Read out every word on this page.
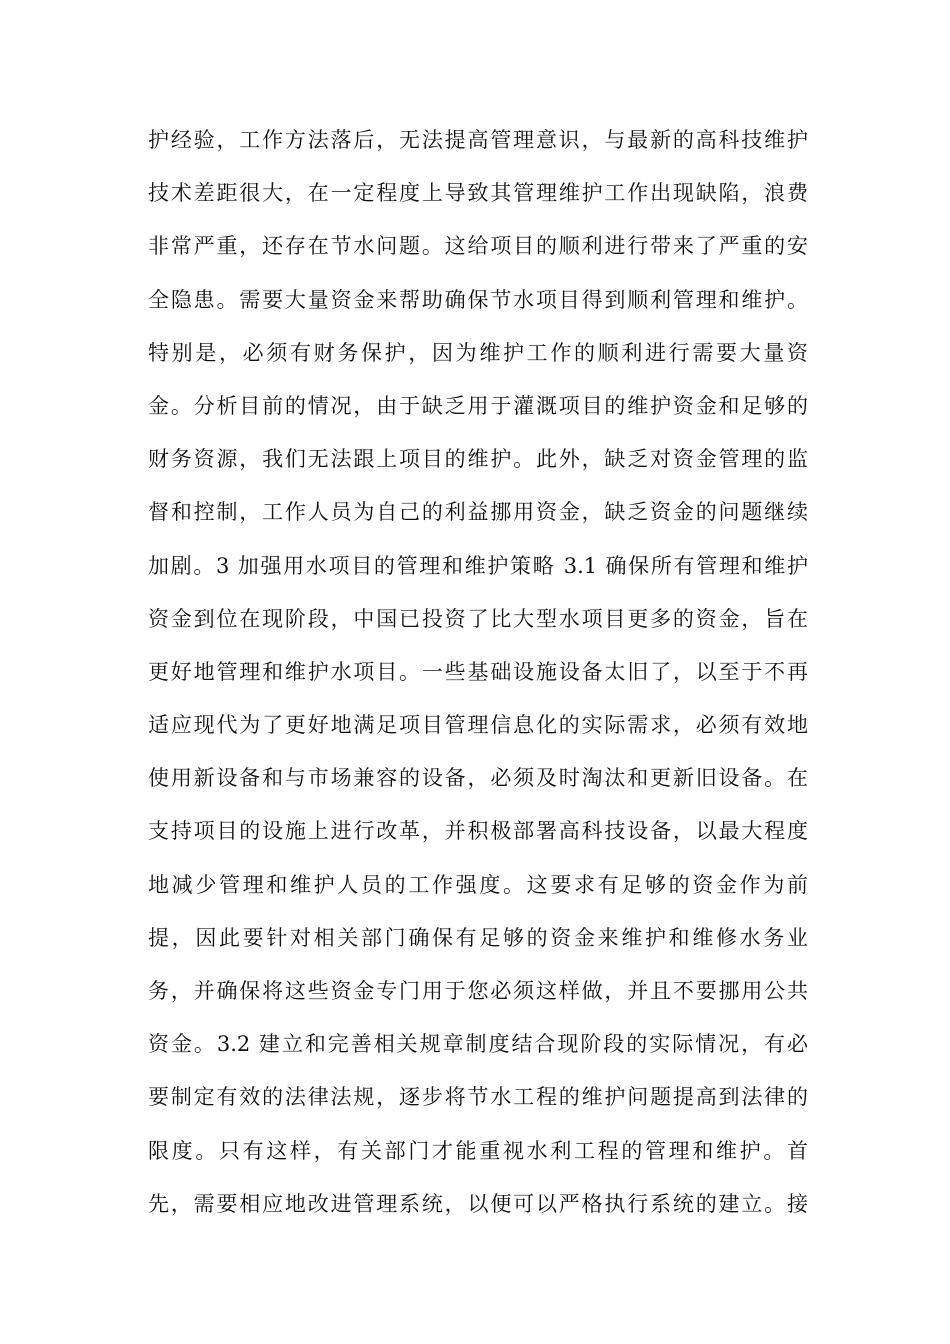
护经验，工作方法落后，无法提高管理意识，与最新的高科技维护
技术差距很大，在一定程度上导致其管理维护工作出现缺陷，浪费
非常严重，还存在节水问题。这给项目的顺利进行带来了严重的安
全隐患。需要大量资金来帮助确保节水项目得到顺利管理和维护。
特别是，必须有财务保护，因为维护工作的顺利进行需要大量资
金。分析目前的情况，由于缺乏用于灌溉项目的维护资金和足够的
财务资源，我们无法跟上项目的维护。此外，缺乏对资金管理的监
督和控制，工作人员为自己的利益挪用资金，缺乏资金的问题继续
加剧。3 加强用水项目的管理和维护策略 3.1 确保所有管理和维护
资金到位在现阶段，中国已投资了比大型水项目更多的资金，旨在
更好地管理和维护水项目。一些基础设施设备太旧了，以至于不再
适应现代为了更好地满足项目管理信息化的实际需求，必须有效地
使用新设备和与市场兼容的设备，必须及时淘汰和更新旧设备。在
支持项目的设施上进行改革，并积极部署高科技设备，以最大程度
地减少管理和维护人员的工作强度。这要求有足够的资金作为前
提，因此要针对相关部门确保有足够的资金来维护和维修水务业
务，并确保将这些资金专门用于您必须这样做，并且不要挪用公共
资金。3.2 建立和完善相关规章制度结合现阶段的实际情况，有必
要制定有效的法律法规，逐步将节水工程的维护问题提高到法律的
限度。只有这样，有关部门才能重视水利工程的管理和维护。首
先，需要相应地改进管理系统，以便可以严格执行系统的建立。接
